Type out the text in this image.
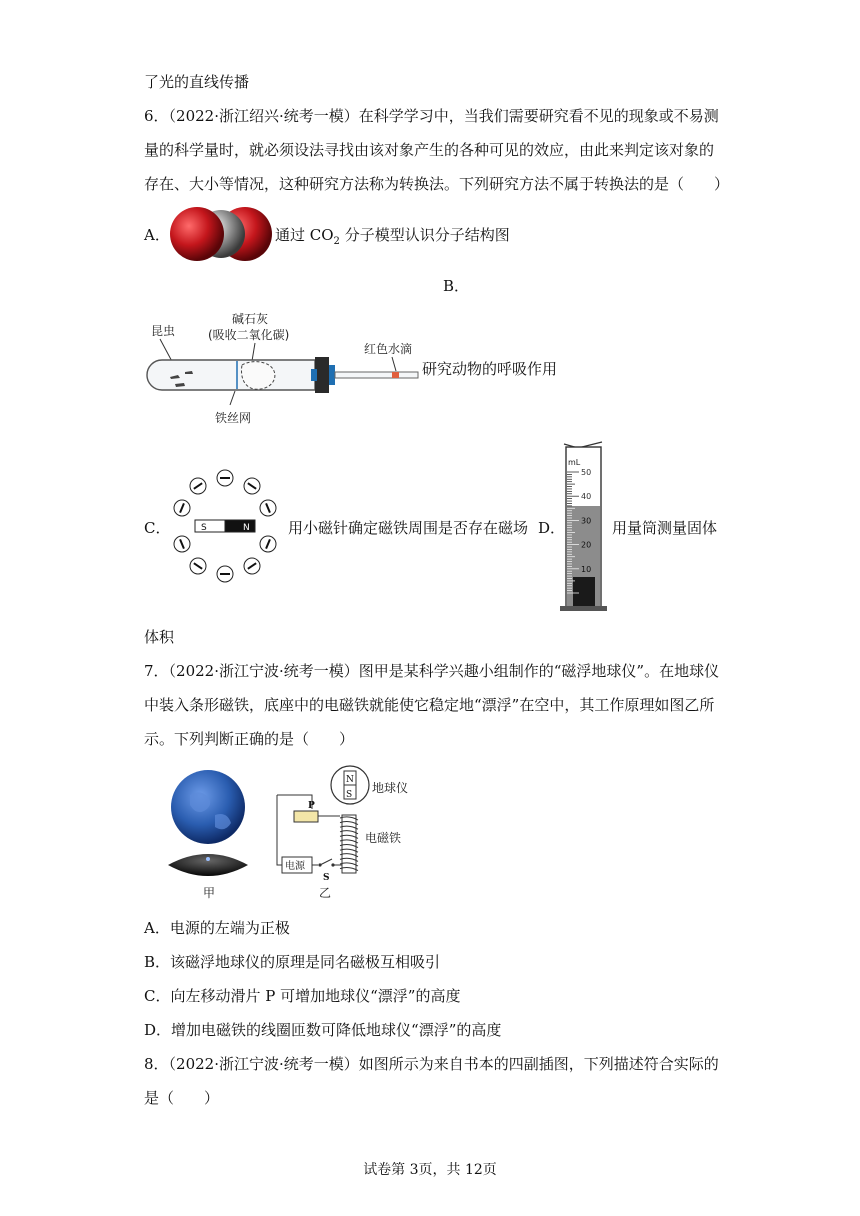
了光的直线传播
6．（2022·浙江绍兴·统考一模）在科学学习中，当我们需要研究看不见的现象或不易测
量的科学量时，就必须设法寻找由该对象产生的各种可见的效应，由此来判定该对象的
存在、大小等情况，这种研究方法称为转换法。下列研究方法不属于转换法的是（　　）
A．	通过 $CO_2$ 分子模型认识分子结构图
B．
昆虫
碱石灰
(吸收二氧化碳)
红色水滴
铁丝网
研究动物的呼吸作用
C．	S	N	用小磁针确定磁铁周围是否存在磁场 D．
mL
50
40
30
20
10
用量筒测量固体
体积
7．（2022·浙江宁波·统考一模）图甲是某科学兴趣小组制作的“磁浮地球仪”。在地球仪
中装入条形磁铁，底座中的电磁铁就能使它稳定地“漂浮”在空中，其工作原理如图乙所
示。下列判断正确的是（　　）
甲
N
S 地球仪
P
电磁铁
电源
S
乙
A．电源的左端为正极
B．该磁浮地球仪的原理是同名磁极互相吸引
C．向左移动滑片 P 可增加地球仪“漂浮”的高度
D．增加电磁铁的线圈匝数可降低地球仪“漂浮”的高度
8．（2022·浙江宁波·统考一模）如图所示为来自书本的四副插图，下列描述符合实际的
是（　　）
试卷第 3页，共 12页
